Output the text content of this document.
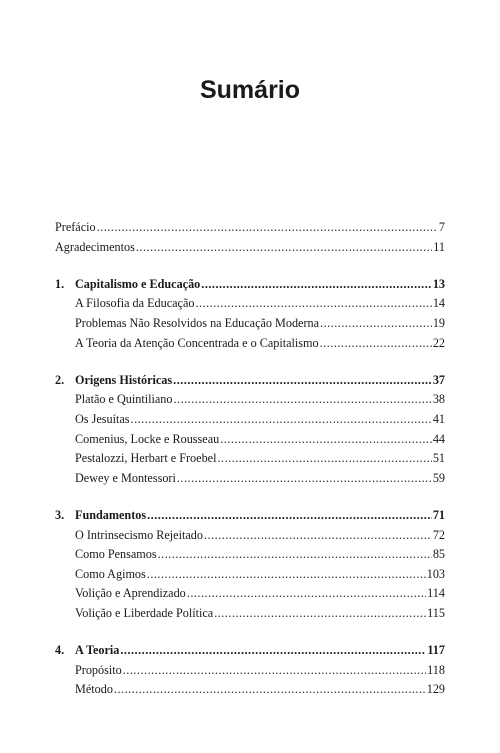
Sumário
Prefácio .....	7
Agradecimentos .....	11
1. Capitalismo e Educação .....	13
A Filosofia da Educação .....	14
Problemas Não Resolvidos na Educação Moderna .....	19
A Teoria da Atenção Concentrada e o Capitalismo .....	22
2. Origens Históricas .....	37
Platão e Quintiliano .....	38
Os Jesuítas .....	41
Comenius, Locke e Rousseau .....	44
Pestalozzi, Herbart e Froebel .....	51
Dewey e Montessori .....	59
3. Fundamentos .....	71
O Intrinsecismo Rejeitado .....	72
Como Pensamos .....	85
Como Agimos .....	103
Volição e Aprendizado .....	114
Volição e Liberdade Política .....	115
4. A Teoria .....	117
Propósito .....	118
Método .....	129
